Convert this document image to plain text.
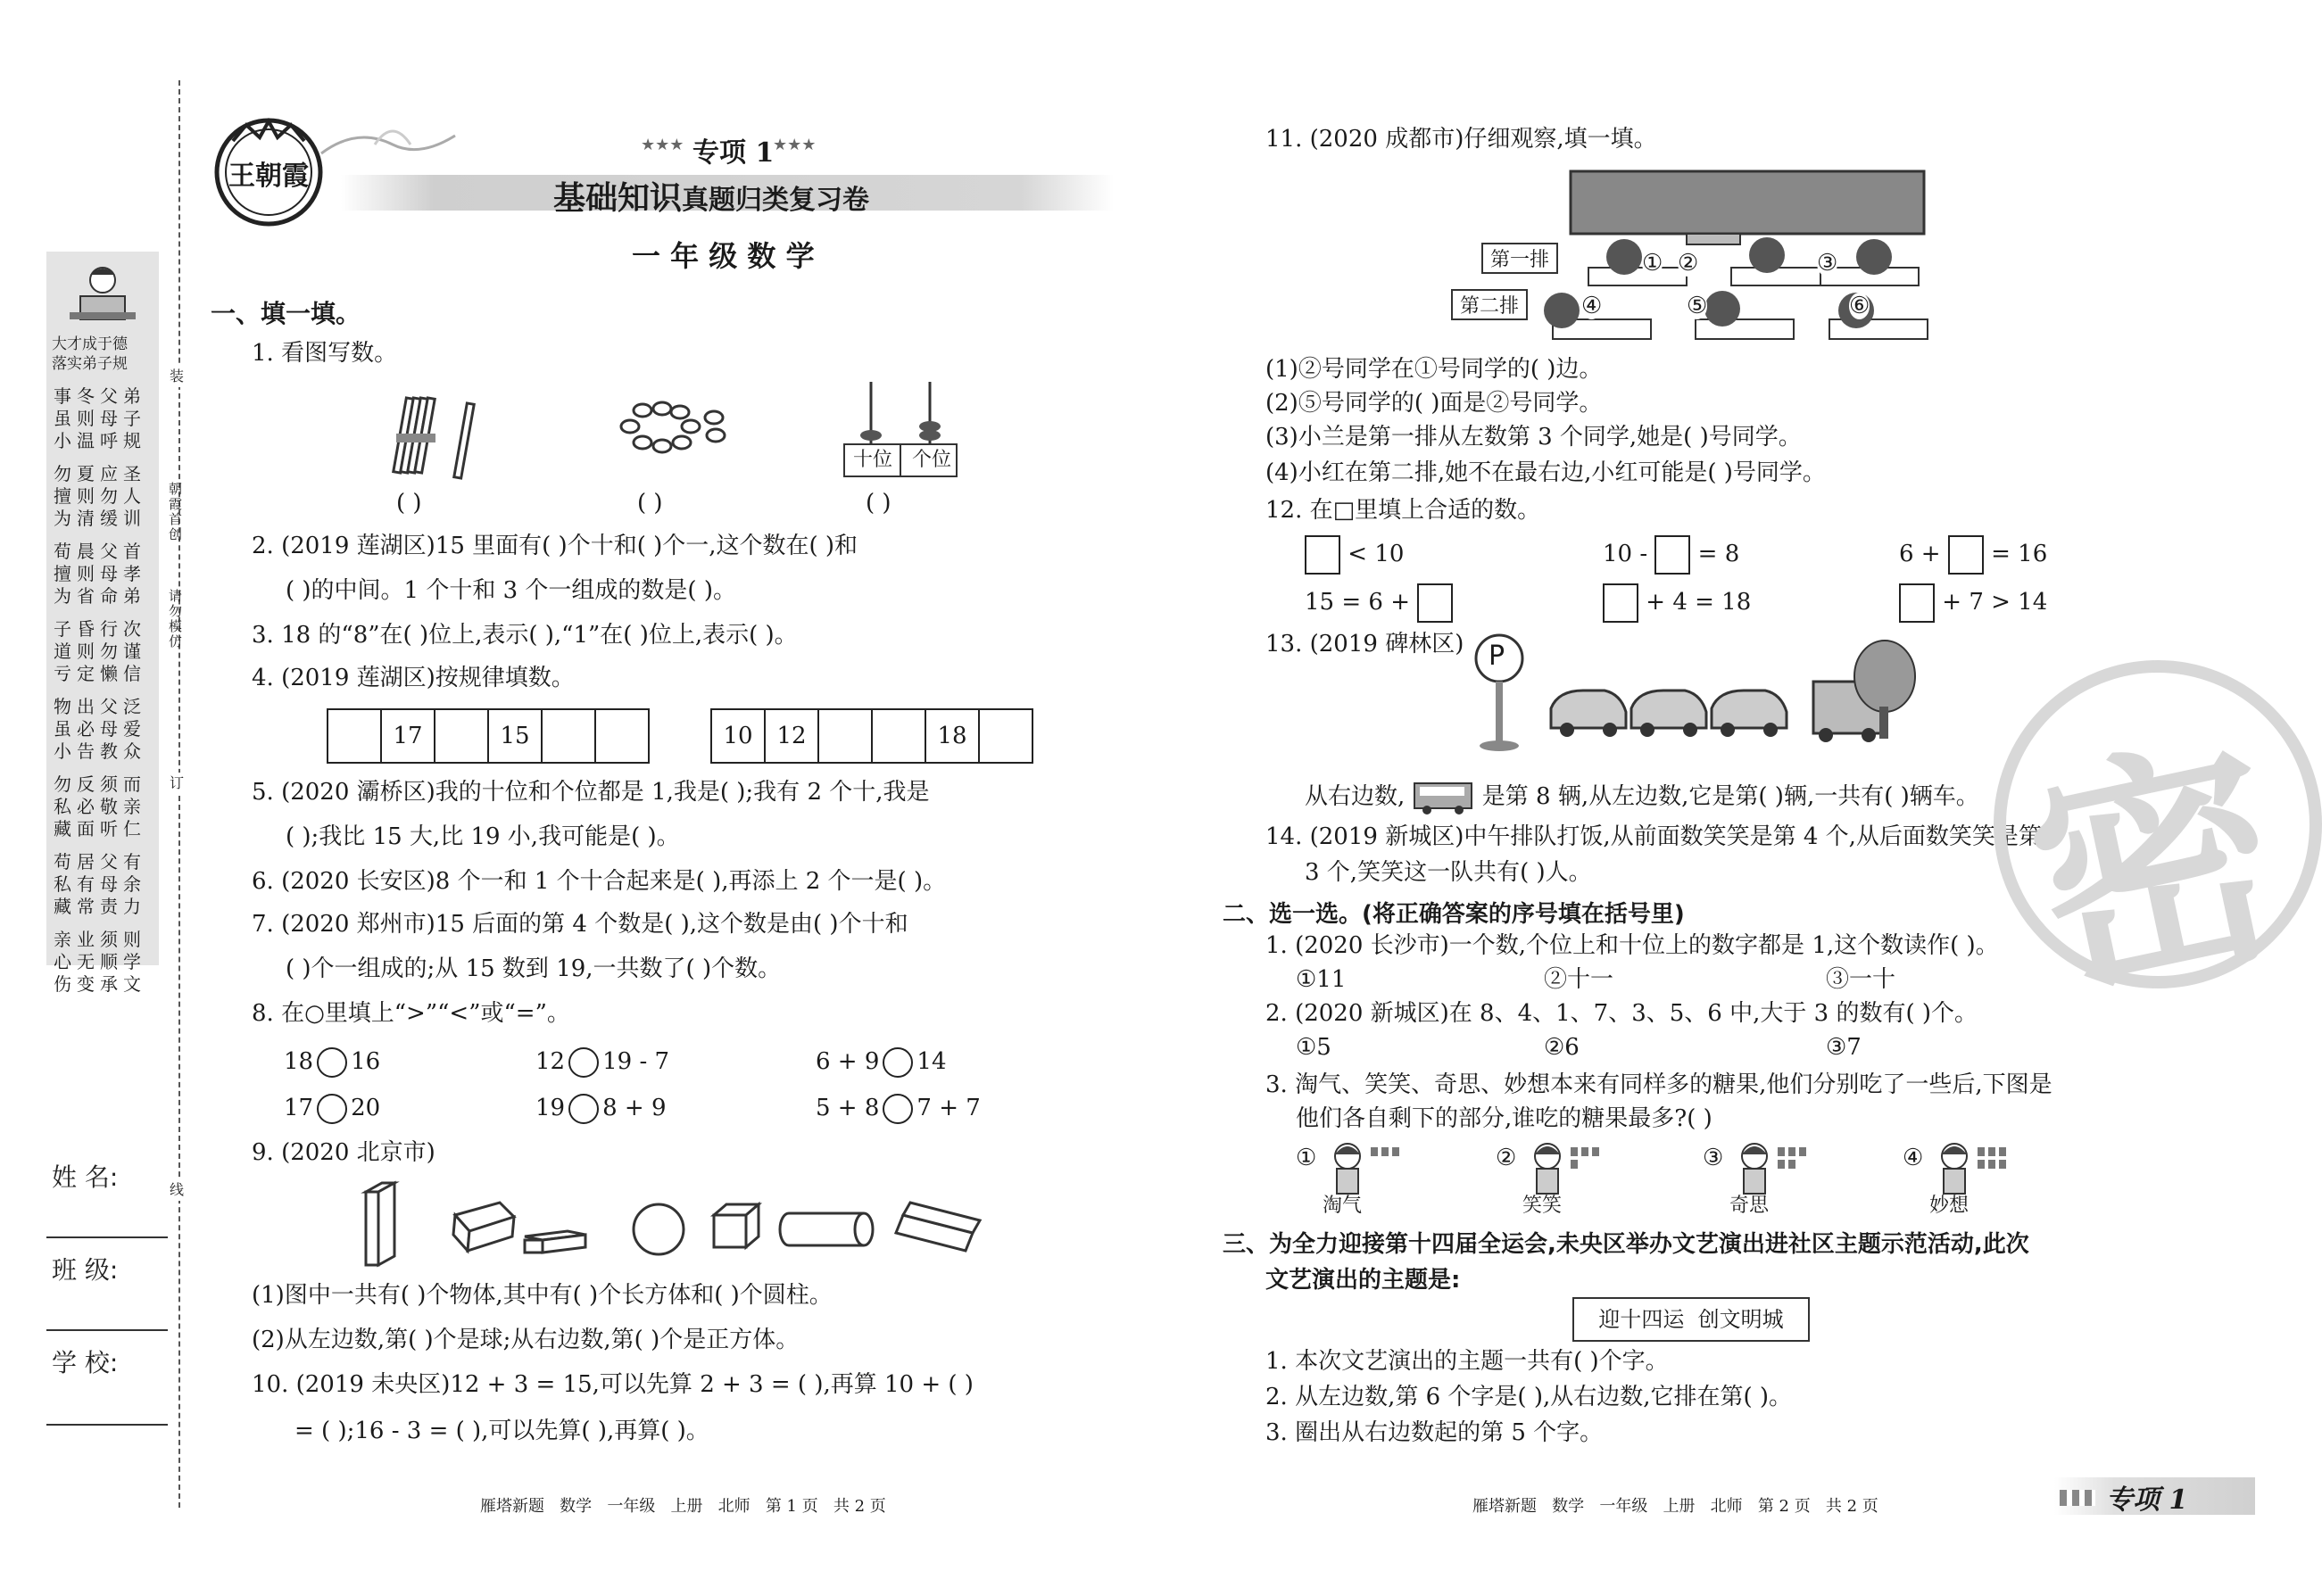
大才成于德
落实弟子规
事冬父弟
虽则母子
小温呼规
勿夏应圣
擅则勿人
为清缓训
荀晨父首
擅则母孝
为省命弟
子昏行次
道则勿谨
亏定懒信
物出父泛
虽必母爱
小告教众
勿反须而
私必敬亲
藏面听仁
苟居父有
私有母余
藏常责力
亲业须则
心无顺学
伤变承文
朝霞首创
请勿模仿
装
订
线
姓 名:
班 级:
学 校:
王朝霞
★★★ 专项 1
★★★
基础知识真题归类复习卷
一 年 级 数 学
一、填一填。
1. 看图写数。
十位 个位
( )	( )	( )
2. (2019 莲湖区)15 里面有( )个十和( )个一,这个数在( )和
( )的中间。1 个十和 3 个一组成的数是( )。
3. 18 的“8”在( )位上,表示( ),“1”在( )位上,表示( )。
4. (2019 莲湖区)按规律填数。
17	15	10	12	18
5. (2020 灞桥区)我的十位和个位都是 1,我是( );我有 2 个十,我是
( );我比 15 大,比 19 小,我可能是( )。
6. (2020 长安区)8 个一和 1 个十合起来是( ),再添上 2 个一是( )。
7. (2020 郑州市)15 后面的第 4 个数是( ),这个数是由( )个十和
( )个一组成的;从 15 数到 19,一共数了( )个数。
8. 在○里填上“>”“<”或“=”。
18 16	12 19 - 7	6 + 9 14
17 20	19 8 + 9	5 + 8 7 + 7
9. (2020 北京市)
(1)图中一共有( )个物体,其中有( )个长方体和( )个圆柱。
(2)从左边数,第( )个是球;从右边数,第( )个是正方体。
10. (2019 未央区)12 + 3 = 15,可以先算 2 + 3 = ( ),再算 10 + ( )
= ( );16 - 3 = ( ),可以先算( ),再算( )。
11. (2020 成都市)仔细观察,填一填。
第一排
第二排
① ②	③
④	⑤	⑥
(1)②号同学在①号同学的( )边。
(2)⑤号同学的( )面是②号同学。
(3)小兰是第一排从左数第 3 个同学,她是( )号同学。
(4)小红在第二排,她不在最右边,小红可能是( )号同学。
12. 在□里填上合适的数。
< 10	10 - = 8	6 + = 16
15 = 6 +	+ 4 = 18	+ 7 > 14
13. (2019 碑林区) P
从右边数,	是第 8 辆,从左边数,它是第( )辆,一共有( )辆车。
14. (2019 新城区)中午排队打饭,从前面数笑笑是第 4 个,从后面数笑笑是第
3 个,笑笑这一队共有( )人。
二、选一选。(将正确答案的序号填在括号里)
1. (2020 长沙市)一个数,个位上和十位上的数字都是 1,这个数读作( )。
①11	②十一	③一十
2. (2020 新城区)在 8、4、1、7、3、5、6 中,大于 3 的数有( )个。
①5	②6	③7
3. 淘气、笑笑、奇思、妙想本来有同样多的糖果,他们分别吃了一些后,下图是
他们各自剩下的部分,谁吃的糖果最多?( )
①
淘气
②
笑笑
③
奇思
④
妙想
三、为全力迎接第十四届全运会,未央区举办文艺演出进社区主题示范活动,此次
文艺演出的主题是:
迎十四运  创文明城
1. 本次文艺演出的主题一共有( )个字。
2. 从左边数,第 6 个字是( ),从右边数,它排在第( )。
3. 圈出从右边数起的第 5 个字。
密
雁塔新题   数学   一年级   上册   北师   第 1 页   共 2 页	雁塔新题   数学   一年级   上册   北师   第 2 页   共 2 页	专项 1
